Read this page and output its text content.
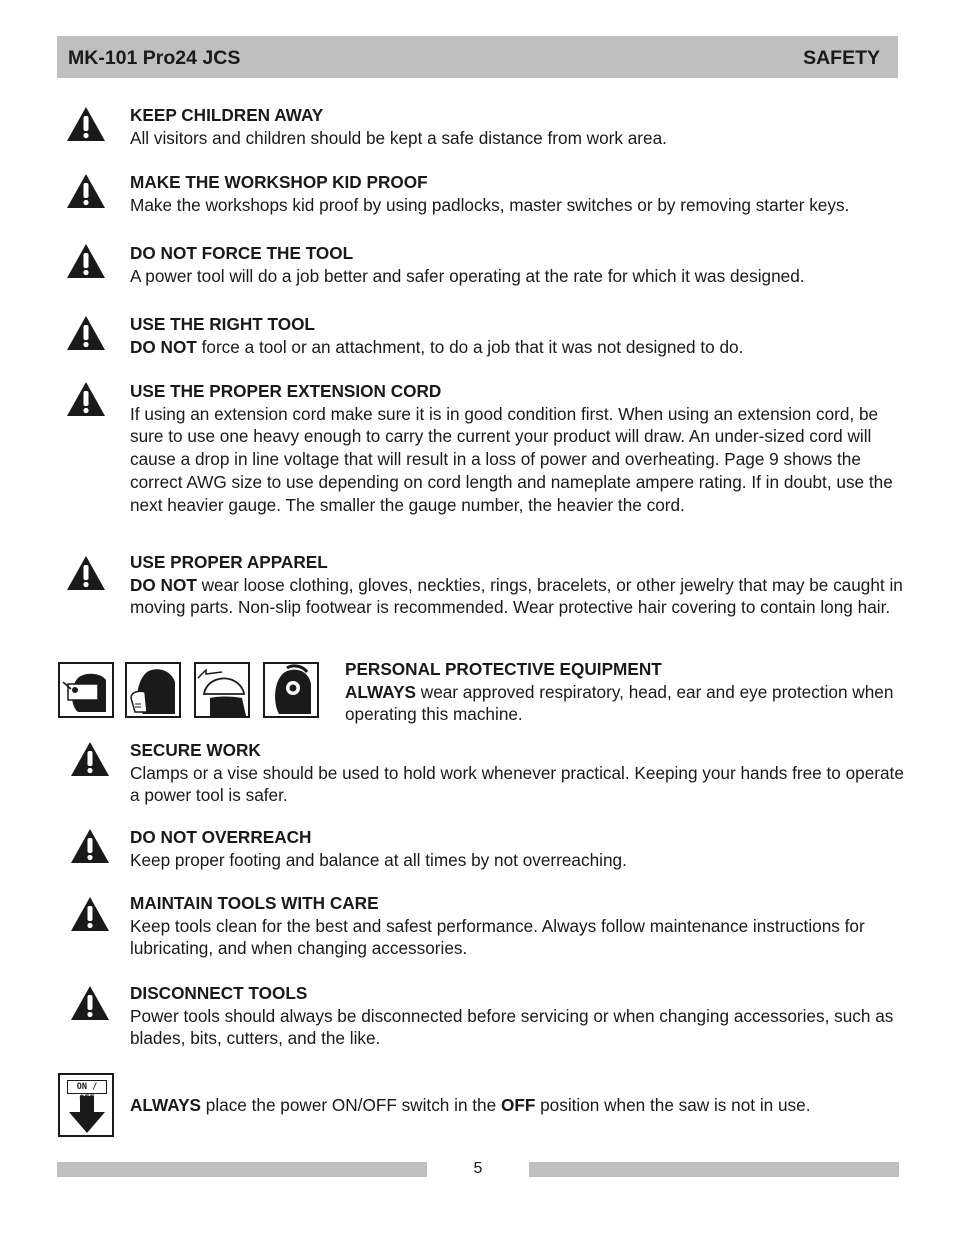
MK-101 Pro24 JCS	SAFETY
KEEP CHILDREN AWAY
All visitors and children should be kept a safe distance from work area.
MAKE THE WORKSHOP KID PROOF
Make the workshops kid proof by using padlocks, master switches or by removing starter keys.
DO NOT FORCE THE TOOL
A power tool will do a job better and safer operating at the rate for which it was designed.
USE THE RIGHT TOOL
DO NOT force a tool or an attachment, to do a job that it was not designed to do.
USE THE PROPER EXTENSION CORD
If using an extension cord make sure it is in good condition first. When using an extension cord, be sure to use one heavy enough to carry the current your product will draw. An under-sized cord will cause a drop in line voltage that will result in a loss of power and overheating. Page 9 shows the correct AWG size to use depending on cord length and nameplate ampere rating. If in doubt, use the next heavier gauge. The smaller the gauge number, the heavier the cord.
USE PROPER APPAREL
DO NOT wear loose clothing, gloves, neckties, rings, bracelets, or other jewelry that may be caught in moving parts. Non-slip footwear is recommended. Wear protective hair covering to contain long hair.
PERSONAL PROTECTIVE EQUIPMENT
ALWAYS wear approved respiratory, head, ear and eye protection when operating this machine.
SECURE WORK
Clamps or a vise should be used to hold work whenever practical. Keeping your hands free to operate a power tool is safer.
DO NOT OVERREACH
Keep proper footing and balance at all times by not overreaching.
MAINTAIN TOOLS WITH CARE
Keep tools clean for the best and safest performance. Always follow maintenance instructions for lubricating, and when changing accessories.
DISCONNECT TOOLS
Power tools should always be disconnected before servicing or when changing accessories, such as blades, bits, cutters, and the like.
ON /
ALWAYS place the power ON/OFF switch in the OFF position when the saw is not in use.
5
